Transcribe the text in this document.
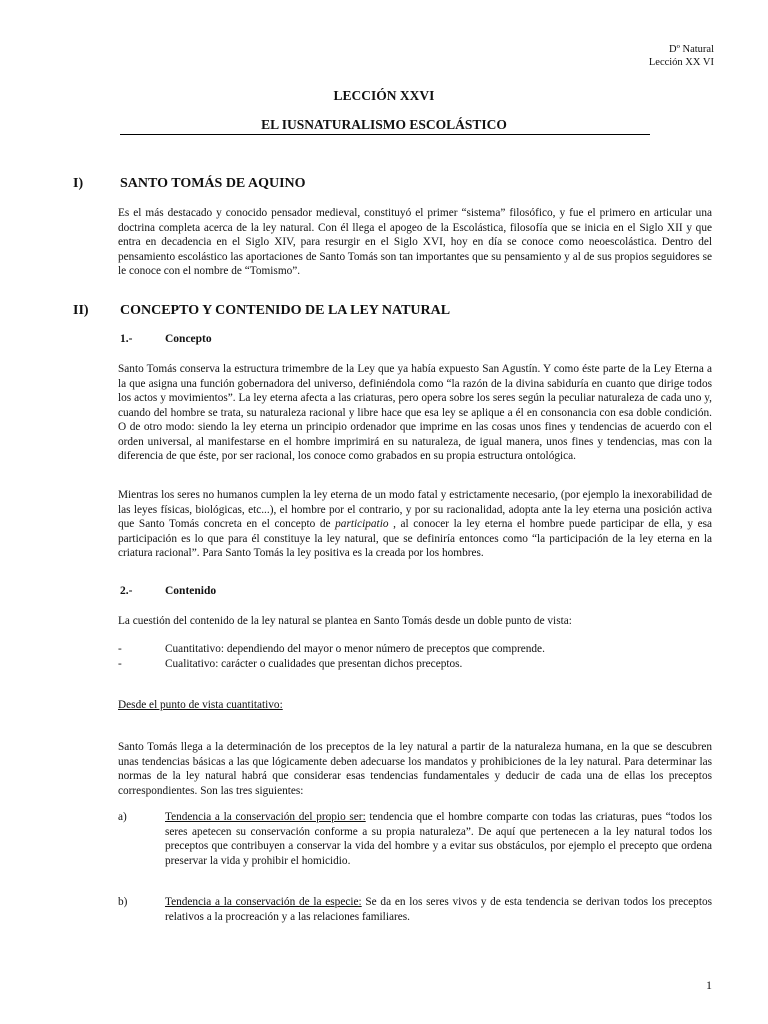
Dº Natural
Lección XX VI
LECCIÓN XXVI
EL IUSNATURALISMO ESCOLÁSTICO
I)	SANTO TOMÁS DE AQUINO

Es el más destacado y conocido pensador medieval, constituyó el primer “sistema” filosófico, y fue el primero en articular una doctrina completa acerca de la ley natural. Con él llega el apogeo de la Escolástica, filosofía que se inicia en el Siglo XII y que entra en decadencia en el Siglo XIV, para resurgir en el Siglo XVI, hoy en día se conoce como neoescolástica. Dentro del pensamiento escolástico las aportaciones de Santo Tomás son tan importantes que su pensamiento y al de sus propios seguidores se le conoce con el nombre de “Tomismo”.

II) CONCEPTO Y CONTENIDO DE LA LEY NATURAL
1.-	Concepto

Santo Tomás conserva la estructura trimembre de la Ley que ya había expuesto San Agustín. Y como éste parte de la Ley Eterna a la que asigna una función gobernadora del universo, definiéndola como “la razón de la divina sabiduría en cuanto que dirige todos los actos y movimientos”. La ley eterna afecta a las criaturas, pero opera sobre los seres según la peculiar naturaleza de cada uno y, cuando del hombre se trata, su naturaleza racional y libre hace que esa ley se aplique a él en consonancia con esa doble condición. O de otro modo: siendo la ley eterna un principio ordenador que imprime en las cosas unos fines y tendencias de acuerdo con el orden universal, al manifestarse en el hombre imprimirá en su naturaleza, de igual manera, unos fines y tendencias, mas con la diferencia de que éste, por ser racional, los conoce como grabados en su propia estructura ontológica.

Mientras los seres no humanos cumplen la ley eterna de un modo fatal y estrictamente necesario, (por ejemplo la inexorabilidad de las leyes físicas, biológicas, etc...), el hombre por el contrario, y por su racionalidad, adopta ante la ley eterna una posición activa que Santo Tomás concreta en el concepto de participatio , al conocer la ley eterna el hombre puede participar de ella, y esa participación es lo que para él constituye la ley natural, que se definiría entonces como “la participación de la ley eterna en la criatura racional”. Para Santo Tomás la ley positiva es la creada por los hombres.

2.-	Contenido

La cuestión del contenido de la ley natural se plantea en Santo Tomás desde un doble punto de vista:

-	Cuantitativo: dependiendo del mayor o menor número de preceptos que comprende.
-	Cualitativo: carácter o cualidades que presentan dichos preceptos.
Desde el punto de vista cuantitativo:

Santo Tomás llega a la determinación de los preceptos de la ley natural a partir de la naturaleza humana, en la que se descubren unas tendencias básicas a las que lógicamente deben adecuarse los mandatos y prohibiciones de la ley natural. Para determinar las normas de la ley natural habrá que considerar esas tendencias fundamentales y deducir de cada una de ellas los preceptos correspondientes. Son las tres siguientes:

a)	Tendencia a la conservación del propio ser: tendencia que el hombre comparte con todas las criaturas, pues “todos los seres apetecen su conservación conforme a su propia naturaleza”. De aquí que pertenecen a la ley natural todos los preceptos que contribuyen a conservar la vida del hombre y a evitar sus obstáculos, por ejemplo el precepto que ordena preservar la vida y prohibir el homicidio.

b)	Tendencia a la conservación de la especie: Se da en los seres vivos y de esta tendencia se derivan todos los preceptos relativos a la procreación y a las relaciones familiares.

1
